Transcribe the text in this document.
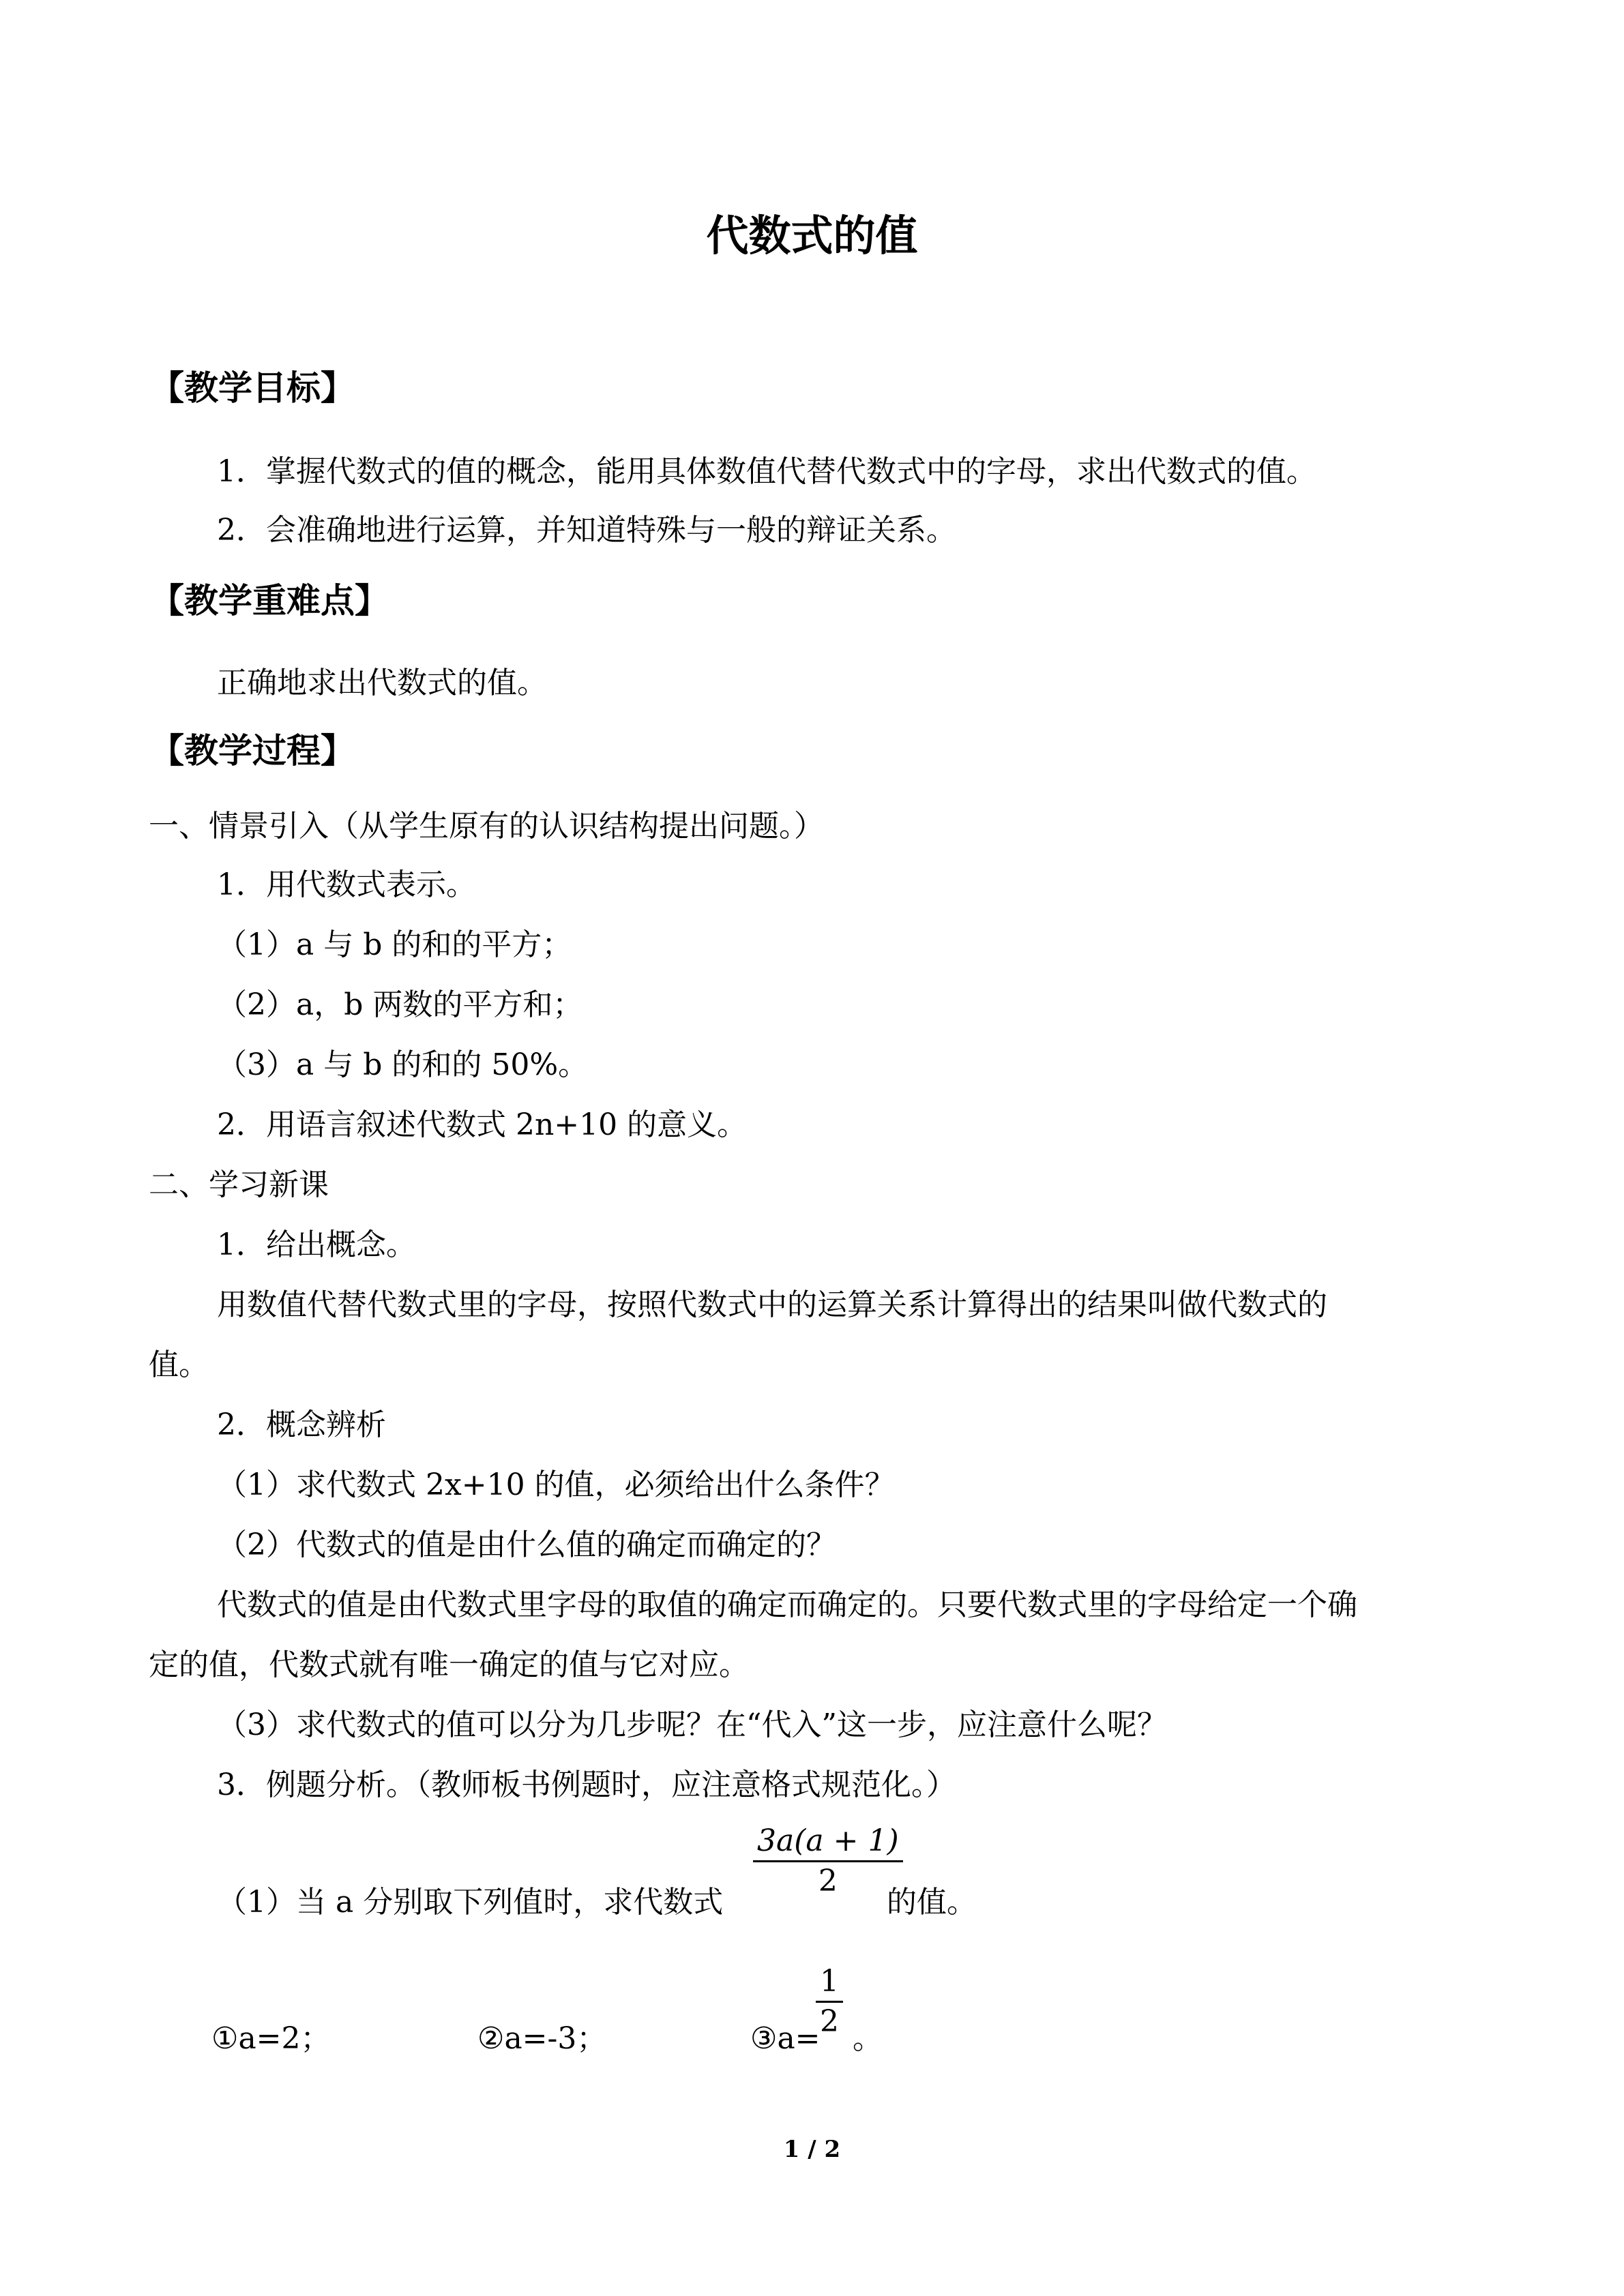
代数式的值
【教学目标】
1．掌握代数式的值的概念，能用具体数值代替代数式中的字母，求出代数式的值。
2．会准确地进行运算，并知道特殊与一般的辩证关系。
【教学重难点】
正确地求出代数式的值。
【教学过程】
一、情景引入（从学生原有的认识结构提出问题。）
1．用代数式表示。
（1）a 与 b 的和的平方；
（2）a，b 两数的平方和；
（3）a 与 b 的和的 50%。
2．用语言叙述代数式 2n+10 的意义。
二、学习新课
1．给出概念。
用数值代替代数式里的字母，按照代数式中的运算关系计算得出的结果叫做代数式的
值。
2．概念辨析
（1）求代数式 2x+10 的值，必须给出什么条件？
（2）代数式的值是由什么值的确定而确定的？
代数式的值是由代数式里字母的取值的确定而确定的。只要代数式里的字母给定一个确
定的值，代数式就有唯一确定的值与它对应。
（3）求代数式的值可以分为几步呢？在“代入”这一步，应注意什么呢？
3．例题分析。（教师板书例题时，应注意格式规范化。）
（1）当 a 分别取下列值时，求代数式
3a(a + 1)
2
的值。
①a=2；	②a=-3；	③a=
1
2 。
1 / 2
